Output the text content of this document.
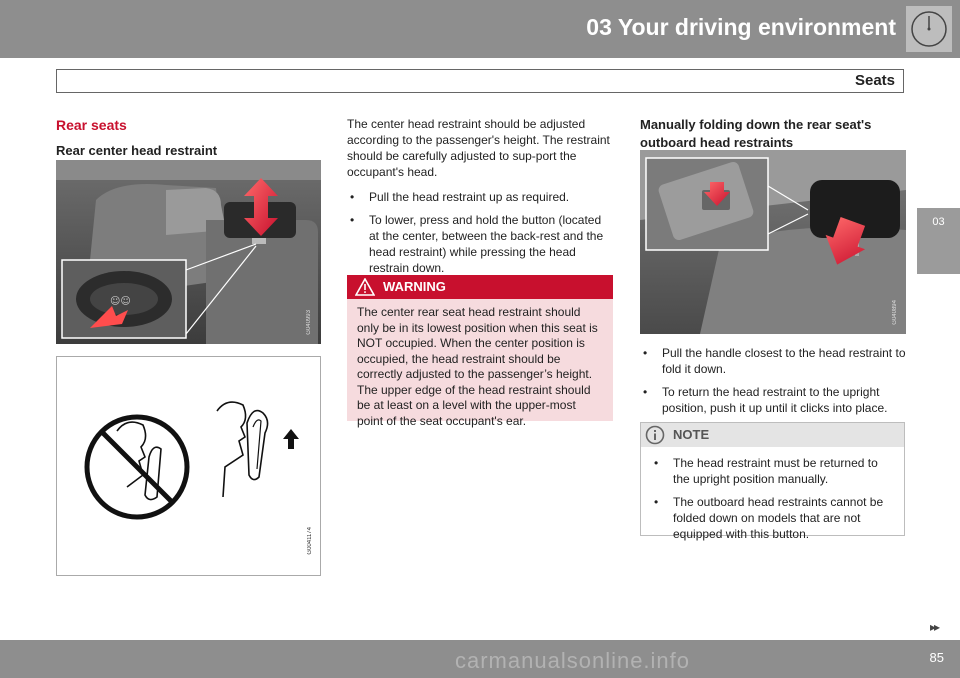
03 Your driving environment
Seats
03
Rear seats
Rear center head restraint
☺☺
G040993
G0041174

The center head restraint should be adjusted according to the passenger's height. The restraint should be carefully adjusted to sup-port the occupant's head.

• Pull the head restraint up as required.
• To lower, press and hold the button (located at the center, between the back-rest and the head restraint) while pressing the head restrain down.
WARNING
The center rear seat head restraint should only be in its lowest position when this seat is NOT occupied. When the center position is occupied, the head restraint should be correctly adjusted to the passenger’s height. The upper edge of the head restraint should be at least on a level with the upper-most point of the seat occupant's ear.
Manually folding down the rear seat's outboard head restraints
G040894
• Pull the handle closest to the head restraint to fold it down.
• To return the head restraint to the upright position, push it up until it clicks into place.
NOTE
• The head restraint must be returned to the upright position manually.
• The outboard head restraints cannot be folded down on models that are not equipped with this button.
▸▸
carmanualsonline.info	85
